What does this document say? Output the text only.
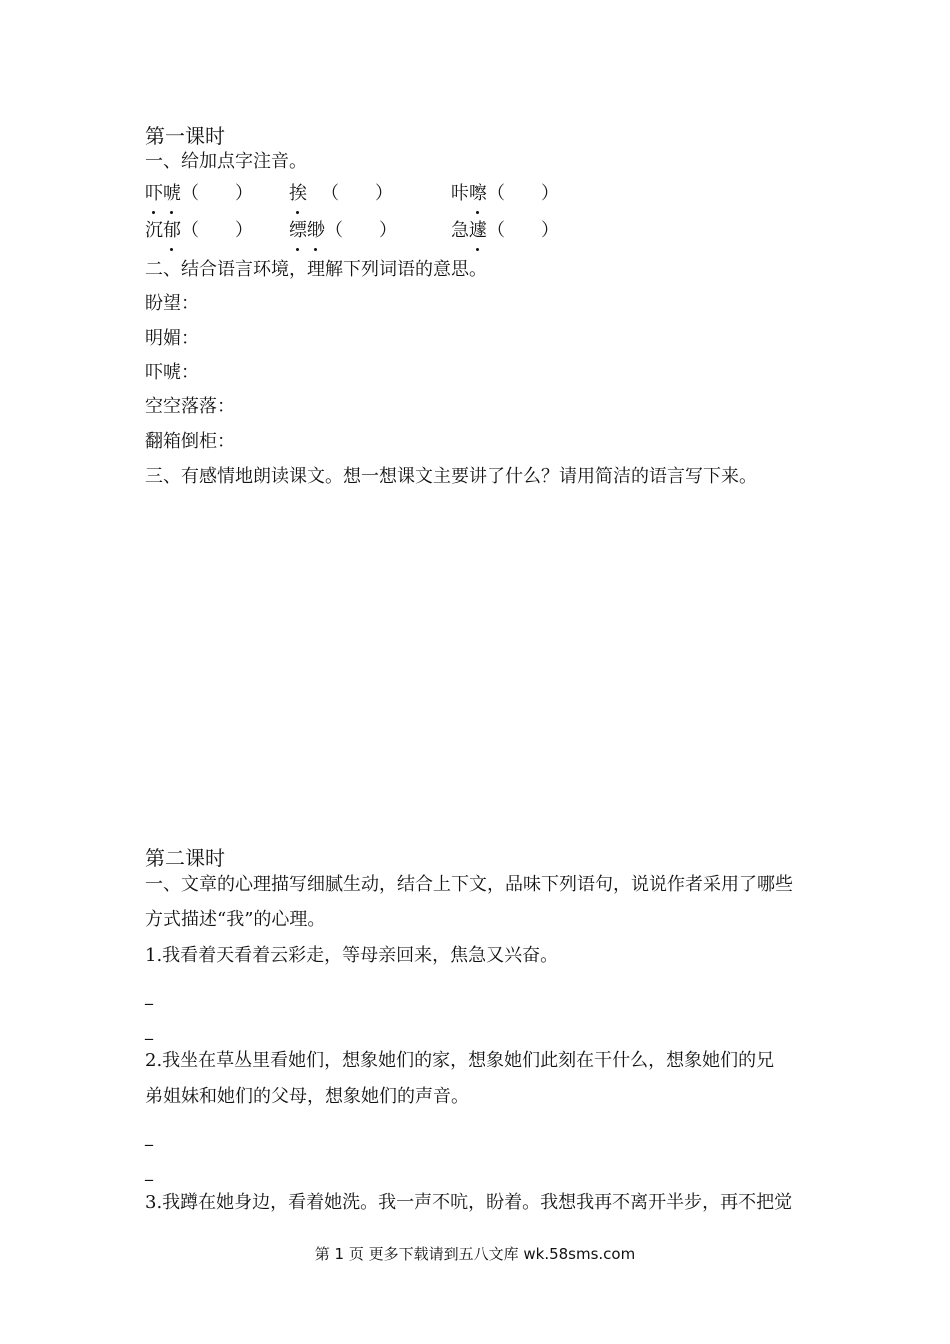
第一课时
一、给加点字注音。
吓唬
（　　） 挨 （　　）	咔嚓
（　　）
沉郁
（　　） 缥缈
（　　）	急遽
（　　）
二、结合语言环境，理解下列词语的意思。
盼望：
明媚：
吓唬：
空空落落：
翻箱倒柜：
三、有感情地朗读课文。想一想课文主要讲了什么？请用简洁的语言写下来。
第二课时
一、文章的心理描写细腻生动，结合上下文，品味下列语句，说说作者采用了哪些
方式描述“我”的心理。
1.我看着天看着云彩走，等母亲回来，焦急又兴奋。
_
_
2.我坐在草丛里看她们，想象她们的家，想象她们此刻在干什么，想象她们的兄
弟姐妹和她们的父母，想象她们的声音。
_
_
3.我蹲在她身边，看着她洗。我一声不吭，盼着。我想我再不离开半步，再不把觉
第 1 页 更多下载请到五八文库 wk.58sms.com
